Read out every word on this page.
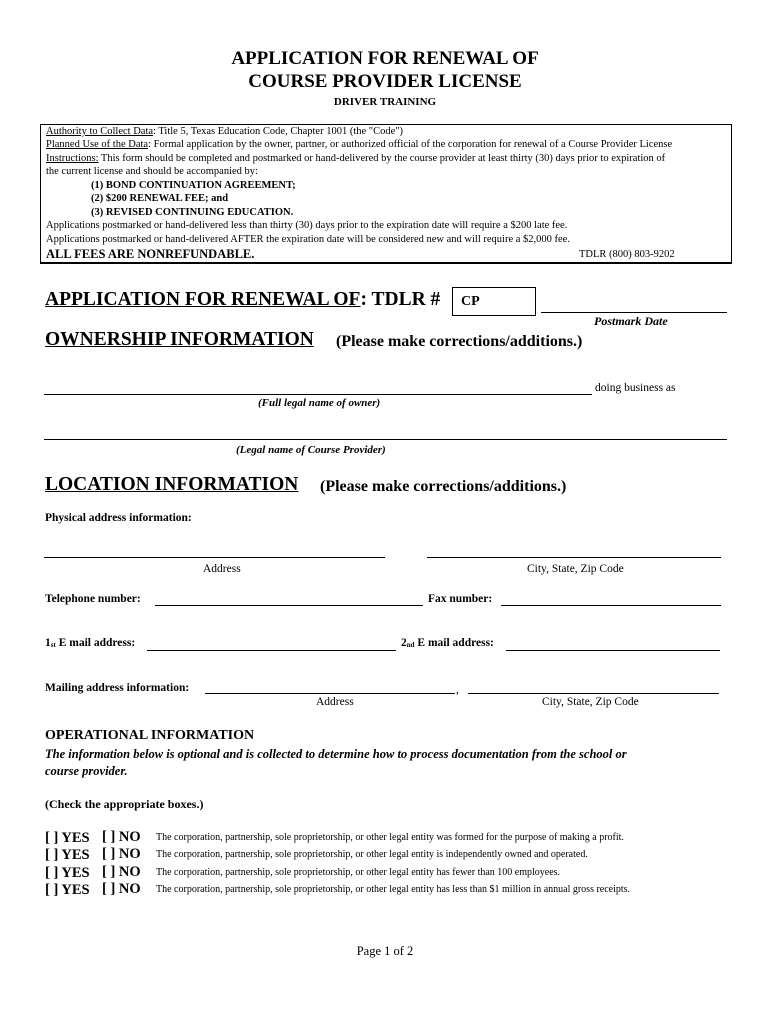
APPLICATION FOR RENEWAL OF
COURSE PROVIDER LICENSE
DRIVER TRAINING
Authority to Collect Data: Title 5, Texas Education Code, Chapter 1001 (the "Code")
Planned Use of the Data: Formal application by the owner, partner, or authorized official of the corporation for renewal of a Course Provider License
Instructions: This form should be completed and postmarked or hand-delivered by the course provider at least thirty (30) days prior to expiration of
the current license and should be accompanied by:
(1) BOND CONTINUATION AGREEMENT;
(2) $200 RENEWAL FEE; and
(3) REVISED CONTINUING EDUCATION.
Applications postmarked or hand-delivered less than thirty (30) days prior to the expiration date will require a $200 late fee.
Applications postmarked or hand-delivered AFTER the expiration date will be considered new and will require a $2,000 fee.
ALL FEES ARE NONREFUNDABLE.	TDLR (800) 803-9202
APPLICATION FOR RENEWAL OF: TDLR #	CP
Postmark Date
OWNERSHIP INFORMATION (Please make corrections/additions.)
doing business as
(Full legal name of owner)
(Legal name of Course Provider)
LOCATION INFORMATION (Please make corrections/additions.)
Physical address information:
Address	City, State, Zip Code
Telephone number:	Fax number:
$1_{st}$ E mail address:	$2_{nd}$ E mail address:
Mailing address information:	,
Address	City, State, Zip Code
OPERATIONAL INFORMATION
The information below is optional and is collected to determine how to process documentation from the school or
course provider.
(Check the appropriate boxes.)
[ ] YES [ ] NO The corporation, partnership, sole proprietorship, or other legal entity was formed for the purpose of making a profit.
[ ] YES [ ] NO The corporation, partnership, sole proprietorship, or other legal entity is independently owned and operated.
[ ] YES [ ] NO The corporation, partnership, sole proprietorship, or other legal entity has fewer than 100 employees.
[ ] YES [ ] NO The corporation, partnership, sole proprietorship, or other legal entity has less than $1 million in annual gross receipts.
Page 1 of 2
